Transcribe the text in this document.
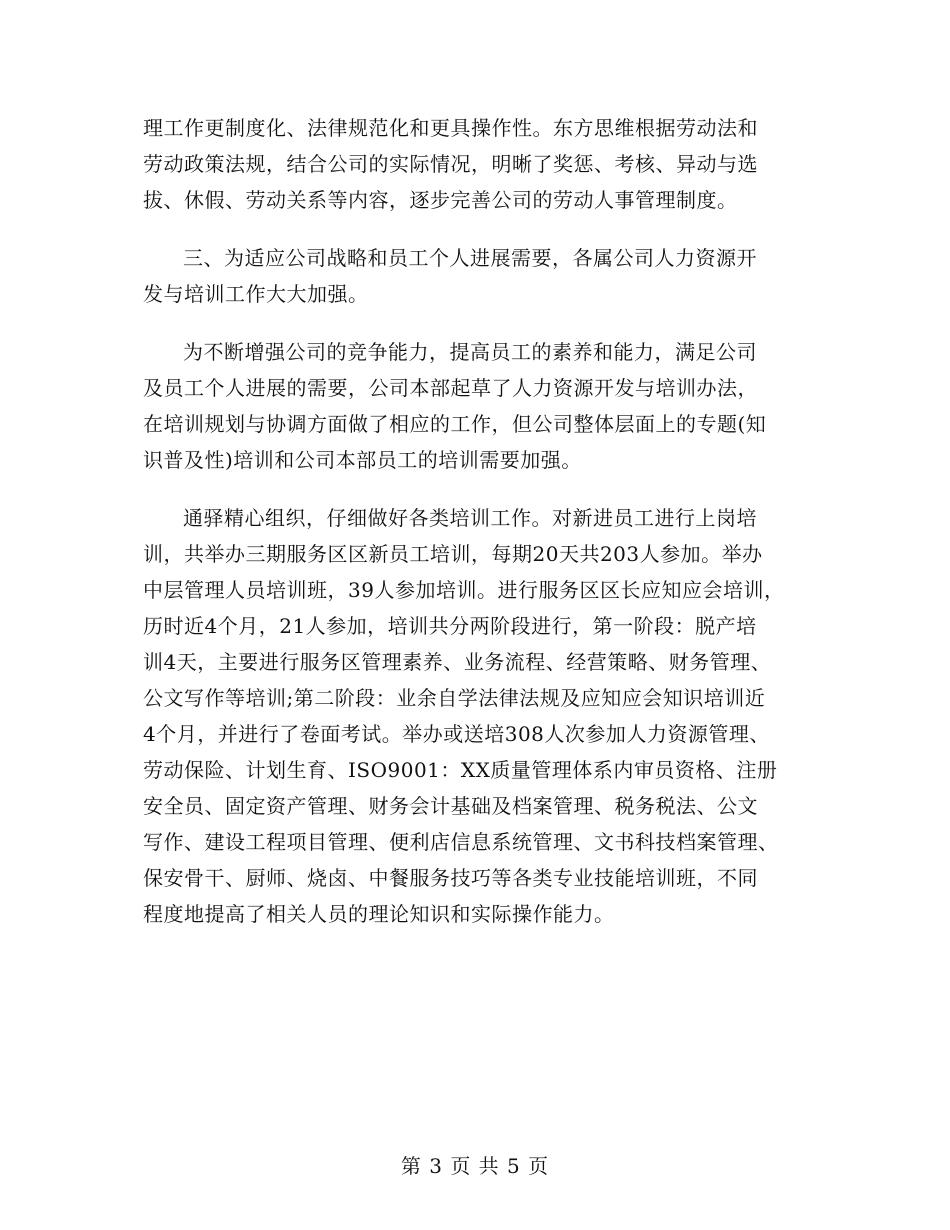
理工作更制度化、法律规范化和更具操作性。东方思维根据劳动法和
劳动政策法规，结合公司的实际情况，明晰了奖惩、考核、异动与选
拔、休假、劳动关系等内容，逐步完善公司的劳动人事管理制度。

三、为适应公司战略和员工个人进展需要，各属公司人力资源开
发与培训工作大大加强。

为不断增强公司的竞争能力，提高员工的素养和能力，满足公司
及员工个人进展的需要，公司本部起草了人力资源开发与培训办法，
在培训规划与协调方面做了相应的工作，但公司整体层面上的专题(知
识普及性)培训和公司本部员工的培训需要加强。

通驿精心组织，仔细做好各类培训工作。对新进员工进行上岗培
训，共举办三期服务区区新员工培训，每期20天共203人参加。举办
中层管理人员培训班，39人参加培训。进行服务区区长应知应会培训，
历时近4个月，21人参加，培训共分两阶段进行，第一阶段：脱产培
训4天，主要进行服务区管理素养、业务流程、经营策略、财务管理、
公文写作等培训;第二阶段：业余自学法律法规及应知应会知识培训近
4个月，并进行了卷面考试。举办或送培308人次参加人力资源管理、
劳动保险、计划生育、ISO9001：XX质量管理体系内审员资格、注册
安全员、固定资产管理、财务会计基础及档案管理、税务税法、公文
写作、建设工程项目管理、便利店信息系统管理、文书科技档案管理、
保安骨干、厨师、烧卤、中餐服务技巧等各类专业技能培训班，不同
程度地提高了相关人员的理论知识和实际操作能力。

第 3 页 共 5 页
